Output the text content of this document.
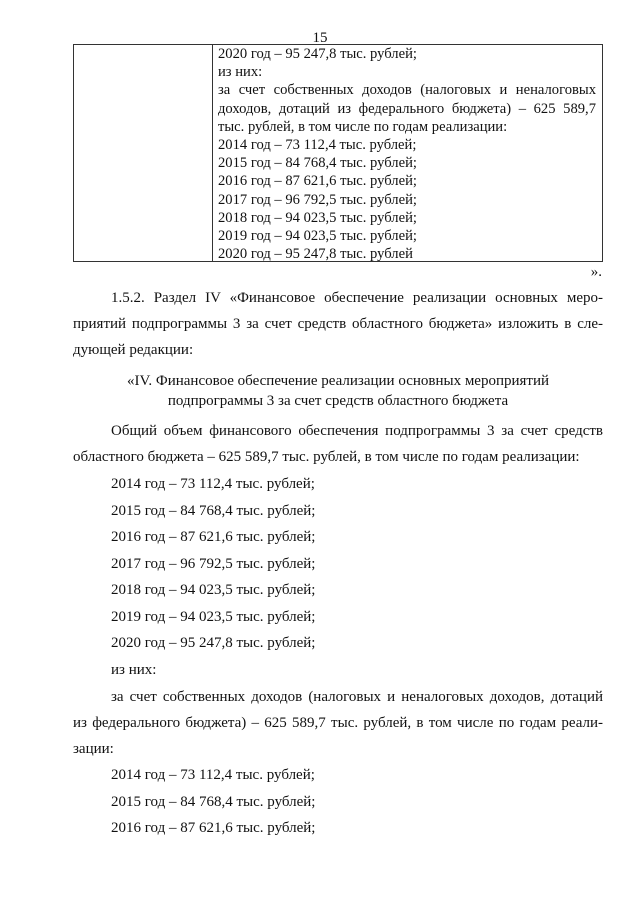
'
15
2020 год – 95 247,8 тыс. рублей;
из них:
за счет собственных доходов (налоговых и неналоговых
доходов, дотаций из федерального бюджета) – 625 589,7
тыс. рублей, в том числе по годам реализации:
2014 год – 73 112,4 тыс. рублей;
2015 год – 84 768,4 тыс. рублей;
2016 год – 87 621,6 тыс. рублей;
2017 год – 96 792,5 тыс. рублей;
2018 год – 94 023,5 тыс. рублей;
2019 год – 94 023,5 тыс. рублей;
2020 год – 95 247,8 тыс. рублей
».
1.5.2. Раздел IV «Финансовое обеспечение реализации основных меро-
приятий подпрограммы 3 за счет средств областного бюджета» изложить в сле-
дующей редакции:
«IV. Финансовое обеспечение реализации основных мероприятий
подпрограммы 3 за счет средств областного бюджета
Общий объем финансового обеспечения подпрограммы 3 за счет средств
областного бюджета – 625 589,7 тыс. рублей, в том числе по годам реализации:
2014 год – 73 112,4 тыс. рублей;
2015 год – 84 768,4 тыс. рублей;
2016 год – 87 621,6 тыс. рублей;
2017 год – 96 792,5 тыс. рублей;
2018 год – 94 023,5 тыс. рублей;
2019 год – 94 023,5 тыс. рублей;
2020 год – 95 247,8 тыс. рублей;
из них:
за счет собственных доходов (налоговых и неналоговых доходов, дотаций
из федерального бюджета) – 625 589,7 тыс. рублей, в том числе по годам реали-
зации:
2014 год – 73 112,4 тыс. рублей;
2015 год – 84 768,4 тыс. рублей;
2016 год – 87 621,6 тыс. рублей;
